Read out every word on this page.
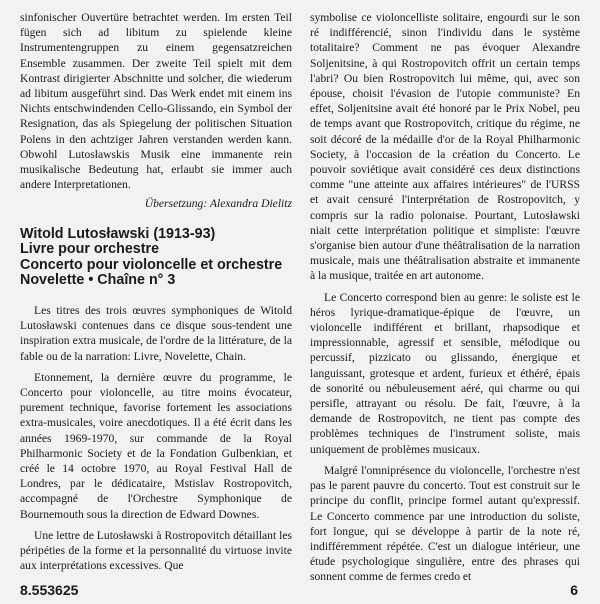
sinfonischer Ouvertüre betrachtet werden. Im ersten Teil fügen sich ad libitum zu spielende kleine Instrumentengruppen zu einem gegensatzreichen Ensemble zusammen. Der zweite Teil spielt mit dem Kontrast dirigierter Abschnitte und solcher, die wiederum ad libitum ausgeführt sind. Das Werk endet mit einem ins Nichts entschwindenden Cello-Glissando, ein Symbol der Resignation, das als Spiegelung der politischen Situation Polens in den achtziger Jahren verstanden werden kann. Obwohl Lutosławskis Musik eine immanente rein musikalische Bedeutung hat, erlaubt sie immer auch andere Interpretationen.

Übersetzung: Alexandra Dielitz
Witold Lutosławski (1913-93)
Livre pour orchestre
Concerto pour violoncelle et orchestre
Novelette • Chaîne n° 3

Les titres des trois œuvres symphoniques de Witold Lutosławski contenues dans ce disque sous-tendent une inspiration extra musicale, de l'ordre de la littérature, de la fable ou de la narration: Livre, Novelette, Chain.

Etonnement, la dernière œuvre du programme, le Concerto pour violoncelle, au titre moins évocateur, purement technique, favorise fortement les associations extra-musicales, voire anecdotiques. Il a été écrit dans les années 1969-1970, sur commande de la Royal Philharmonic Society et de la Fondation Gulbenkian, et créé le 14 octobre 1970, au Royal Festival Hall de Londres, par le dédicataire, Mstislav Rostropovitch, accompagné de l'Orchestre Symphonique de Bournemouth sous la direction de Edward Downes.

Une lettre de Lutosławski à Rostropovitch détaillant les péripéties de la forme et la personnalité du virtuose invite aux interprétations excessives. Que

symbolise ce violoncelliste solitaire, engourdi sur le son ré indifférencié, sinon l'individu dans le système totalitaire? Comment ne pas évoquer Alexandre Soljenitsine, à qui Rostropovitch offrit un certain temps l'abri? Ou bien Rostropovitch lui même, qui, avec son épouse, choisit l'évasion de l'utopie communiste? En effet, Soljenitsine avait été honoré par le Prix Nobel, peu de temps avant que Rostropovitch, critique du régime, ne soit décoré de la médaille d'or de la Royal Philharmonic Society, à l'occasion de la création du Concerto. Le pouvoir soviétique avait considéré ces deux distinctions comme "une atteinte aux affaires intérieures" de l'URSS et avait censuré l'interprétation de Rostropovitch, y compris sur la radio polonaise. Pourtant, Lutosławski niait cette interprétation politique et simpliste: l'œuvre s'organise bien autour d'une théâtralisation de la narration musicale, mais une théâtralisation abstraite et immanente à la musique, traitée en art autonome.

Le Concerto correspond bien au genre: le soliste est le héros lyrique-dramatique-épique de l'œuvre, un violoncelle indifférent et brillant, rhapsodique et impressionnable, agressif et sensible, mélodique ou percussif, pizzicato ou glissando, énergique et languissant, grotesque et ardent, furieux et éthéré, épais de sonorité ou nébuleusement aéré, qui charme ou qui persifle, attrayant ou résolu. De fait, l'œuvre, à la demande de Rostropovitch, ne tient pas compte des problèmes techniques de l'instrument soliste, mais uniquement de problèmes musicaux.

Malgré l'omniprésence du violoncelle, l'orchestre n'est pas le parent pauvre du concerto. Tout est construit sur le principe du conflit, principe formel autant qu'expressif. Le Concerto commence par une introduction du soliste, fort longue, qui se développe à partir de la note ré, indifféremment répétée. C'est un dialogue intérieur, une étude psychologique singulière, entre des phrases qui sonnent comme de fermes credo et

8.553625	6
